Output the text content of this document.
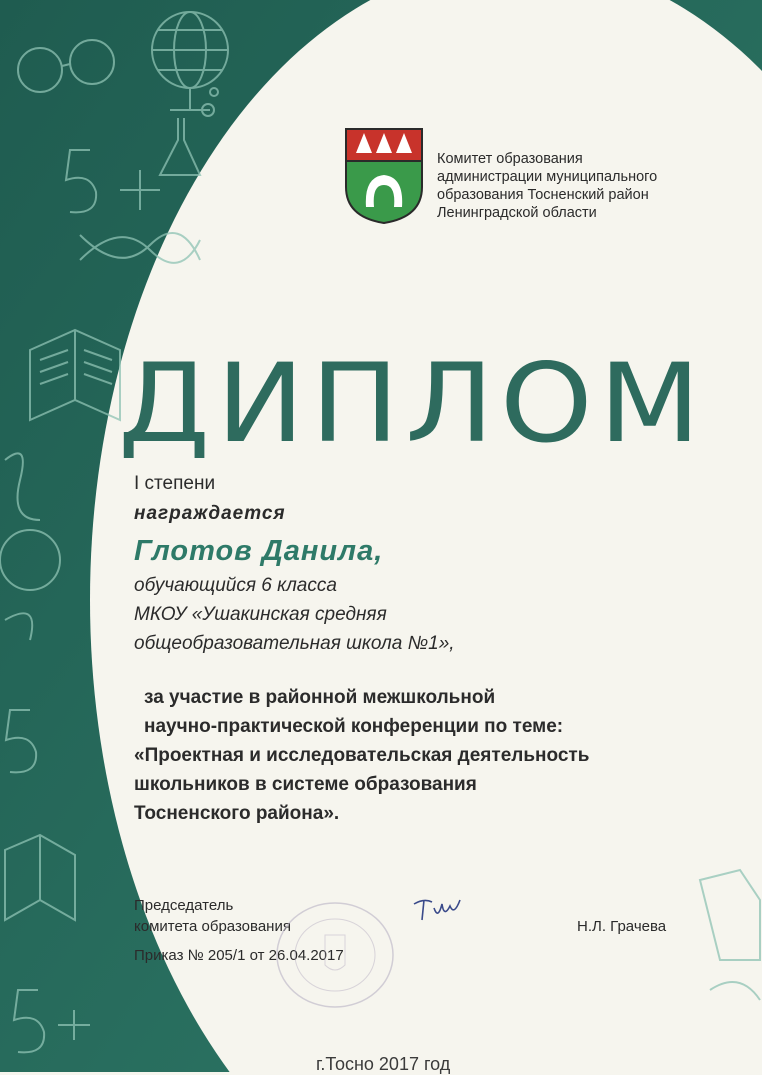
Комитет образования
администрации муниципального
образования Тосненский район
Ленинградской области
ДИПЛОМ
I степени
награждается
Глотов Данила,
обучающийся 6 класса
МКОУ «Ушакинская средняя
общеобразовательная школа №1»,
за участие в районной межшкольной
научно-практической конференции по теме:
«Проектная и исследовательская деятельность
школьников в системе образования
Тосненского района».
Председатель
комитета образования
Приказ № 205/1 от 26.04.2017
Н.Л. Грачева
г.Тосно 2017 год
